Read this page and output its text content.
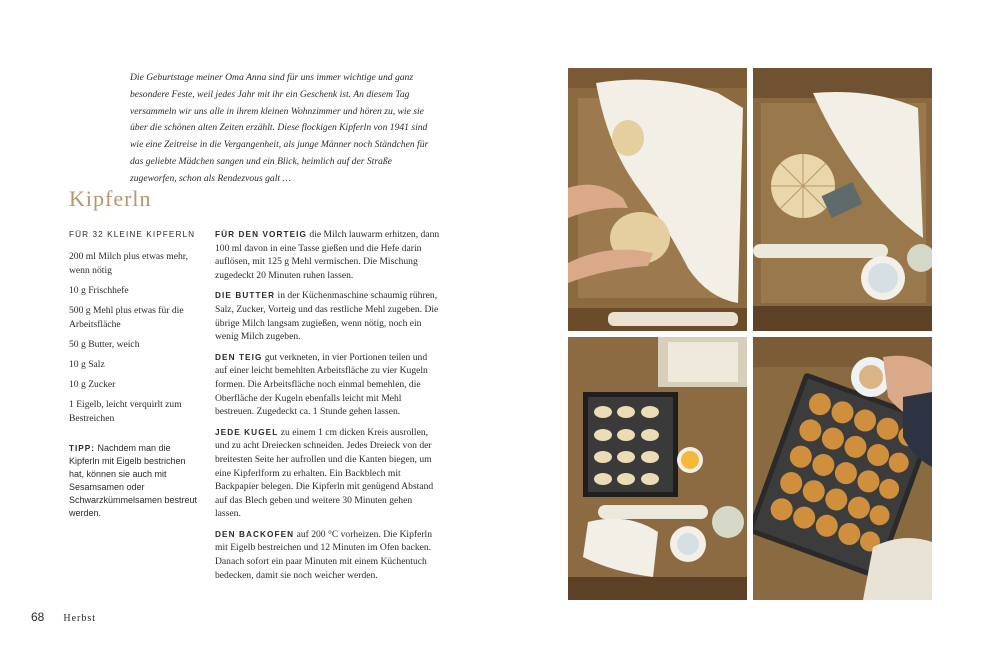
Die Geburtstage meiner Oma Anna sind für uns immer wichtige und ganz besondere Feste, weil jedes Jahr mit ihr ein Geschenk ist. An diesem Tag versammeln wir uns alle in ihrem kleinen Wohnzimmer und hören zu, wie sie über die schönen alten Zeiten erzählt. Diese flockigen Kipferln von 1941 sind wie eine Zeitreise in die Vergangenheit, als junge Männer noch Ständchen für das geliebte Mädchen sangen und ein Blick, heimlich auf der Straße zugeworfen, schon als Rendezvous galt …

Kipferln
FÜR 32 KLEINE KIPFERLN
200 ml Milch plus etwas mehr, wenn nötig
10 g Frischhefe
500 g Mehl plus etwas für die Arbeitsfläche
50 g Butter, weich
10 g Salz
10 g Zucker
1 Eigelb, leicht verquirlt zum Bestreichen
TIPP: Nachdem man die Kipferln mit Eigelb bestrichen hat, können sie auch mit Sesamsamen oder Schwarzkümmelsamen bestreut werden.

FÜR DEN VORTEIG die Milch lauwarm erhitzen, dann 100 ml davon in eine Tasse gießen und die Hefe darin auflösen, mit 125 g Mehl vermischen. Die Mischung zugedeckt 20 Minuten ruhen lassen.

DIE BUTTER in der Küchenmaschine schaumig rühren, Salz, Zucker, Vorteig und das restliche Mehl zugeben. Die übrige Milch langsam zugießen, wenn nötig, noch ein wenig Milch zugeben.

DEN TEIG gut verkneten, in vier Portionen teilen und auf einer leicht bemehlten Arbeitsfläche zu vier Kugeln formen. Die Arbeitsfläche noch einmal bemehlen, die Oberfläche der Kugeln ebenfalls leicht mit Mehl bestreuen. Zugedeckt ca. 1 Stunde gehen lassen.

JEDE KUGEL zu einem 1 cm dicken Kreis ausrollen, und zu acht Dreiecken schneiden. Jedes Dreieck von der breitesten Seite her aufrollen und die Kanten biegen, um eine Kipferlform zu erhalten. Ein Backblech mit Backpapier belegen. Die Kipferln mit genügend Abstand auf das Blech geben und weitere 30 Minuten gehen lassen.

DEN BACKOFEN auf 200 °C vorheizen. Die Kipferln mit Eigelb bestreichen und 12 Minuten im Ofen backen. Danach sofort ein paar Minuten mit einem Küchentuch bedecken, damit sie noch weicher werden.

68 Herbst
